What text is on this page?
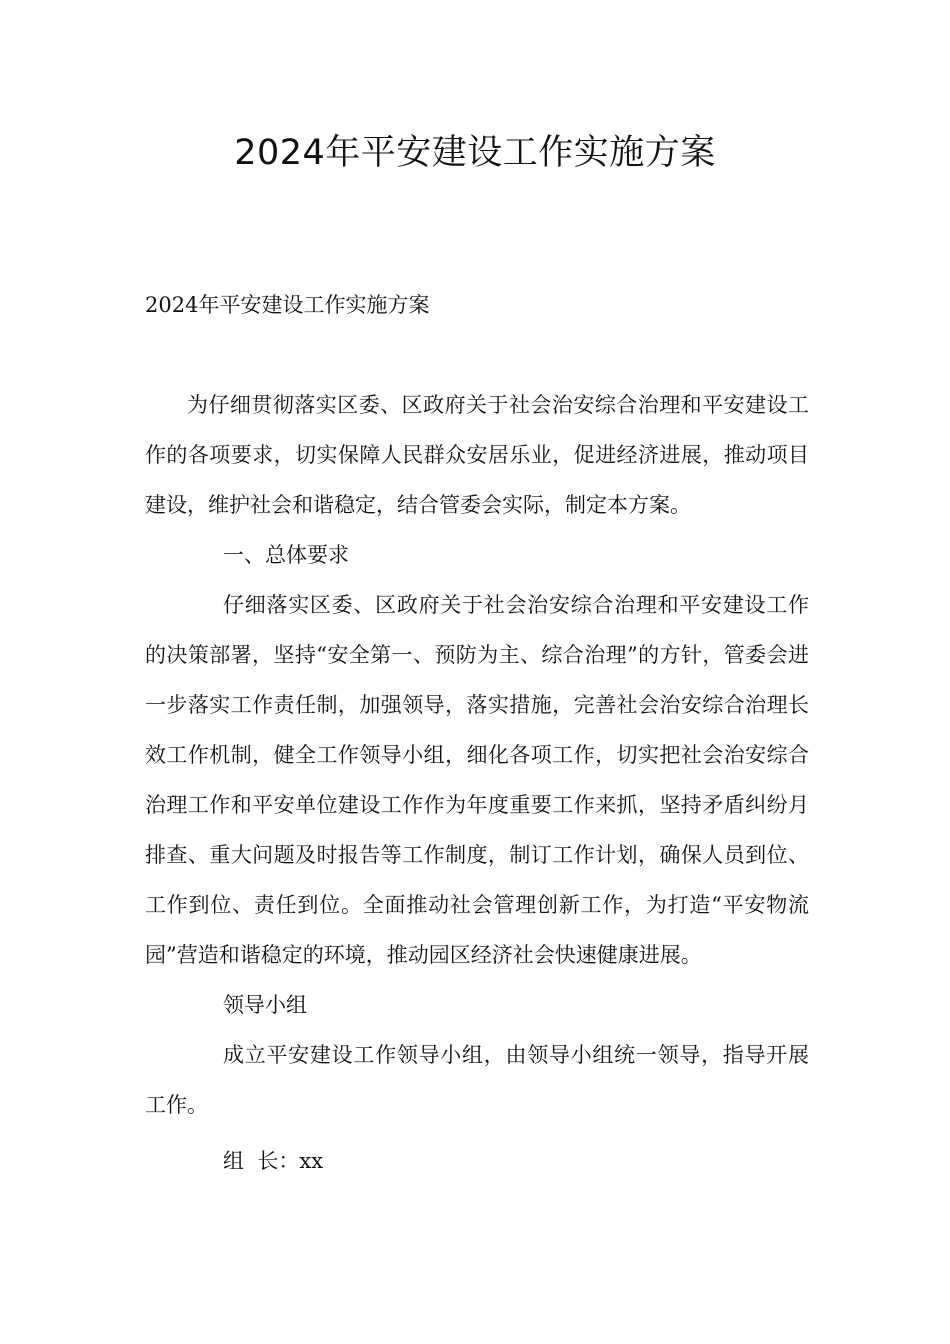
2024年平安建设工作实施方案

2024年平安建设工作实施方案

为仔细贯彻落实区委、区政府关于社会治安综合治理和平安建设工作的各项要求，切实保障人民群众安居乐业，促进经济进展，推动项目建设，维护社会和谐稳定，结合管委会实际，制定本方案。

一、总体要求

仔细落实区委、区政府关于社会治安综合治理和平安建设工作的决策部署，坚持“安全第一、预防为主、综合治理”的方针，管委会进一步落实工作责任制，加强领导，落实措施，完善社会治安综合治理长效工作机制，健全工作领导小组，细化各项工作，切实把社会治安综合治理工作和平安单位建设工作作为年度重要工作来抓，坚持矛盾纠纷月排查、重大问题及时报告等工作制度，制订工作计划，确保人员到位、工作到位、责任到位。全面推动社会管理创新工作，为打造“平安物流园”营造和谐稳定的环境，推动园区经济社会快速健康进展。

领导小组

成立平安建设工作领导小组，由领导小组统一领导，指导开展工作。

组  长：xx
